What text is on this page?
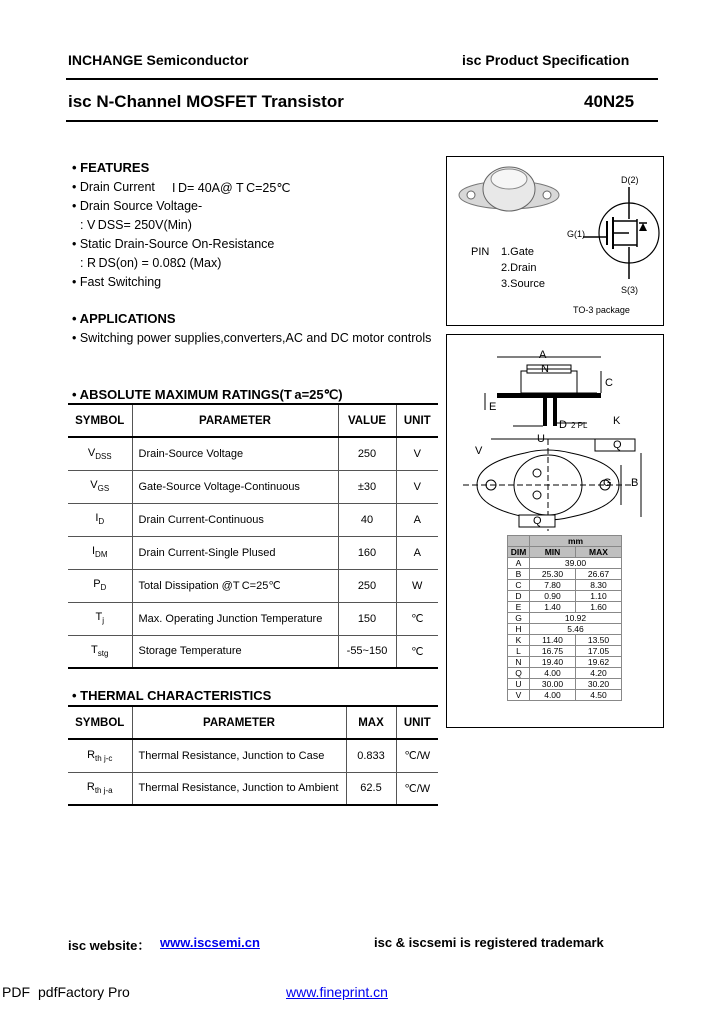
INCHANGE Semiconductor	isc Product Specification
isc N-Channel MOSFET Transistor	40N25
• FEATURES
• Drain Current I D= 40A@ T C=25℃
• Drain Source Voltage-
: V DSS= 250V(Min)
• Static Drain-Source On-Resistance
: R DS(on) = 0.08Ω (Max)
• Fast Switching
• APPLICATIONS
• Switching power supplies,converters,AC and DC motor controls
PIN 1.Gate
2.Drain
3.Source
D(2)
G(1)
S(3)
TO-3 package
A
N
C
E
D 2 PL K
U	Q
V
G B
Q
	mm	
DIM	MIN	MAX
A	39.00	
B	25.30	26.67
C	7.80	8.30
D	0.90	1.10
E	1.40	1.60
G	10.92	
H	5.46	
K	11.40	13.50
L	16.75	17.05
N	19.40	19.62
Q	4.00	4.20
U	30.00	30.20
V	4.00	4.50
• ABSOLUTE MAXIMUM RATINGS(T a=25℃)
SYMBOL	PARAMETER	VALUE	UNIT
$V_{DSS}$	Drain-Source Voltage	250	V
$V_{GS}$	Gate-Source Voltage-Continuous	±30	V
$I_D$	Drain Current-Continuous	40	A
$I_{DM}$	Drain Current-Single Plused	160	A
$P_D$	Total Dissipation @T C=25℃	250	W
$T_j$	Max. Operating Junction Temperature	150	℃
$T_{stg}$	Storage Temperature	-55~150	℃
• THERMAL CHARACTERISTICS
SYMBOL	PARAMETER	MAX	UNIT
$R_{th j-c}$	Thermal Resistance, Junction to Case	0.833	℃/W
$R_{th j-a}$	Thermal Resistance, Junction to Ambient	62.5	℃/W
isc website： www.iscsemi.cn	isc & iscsemi is registered trademark
PDF pdfFactory Pro	www.fineprint.cn
